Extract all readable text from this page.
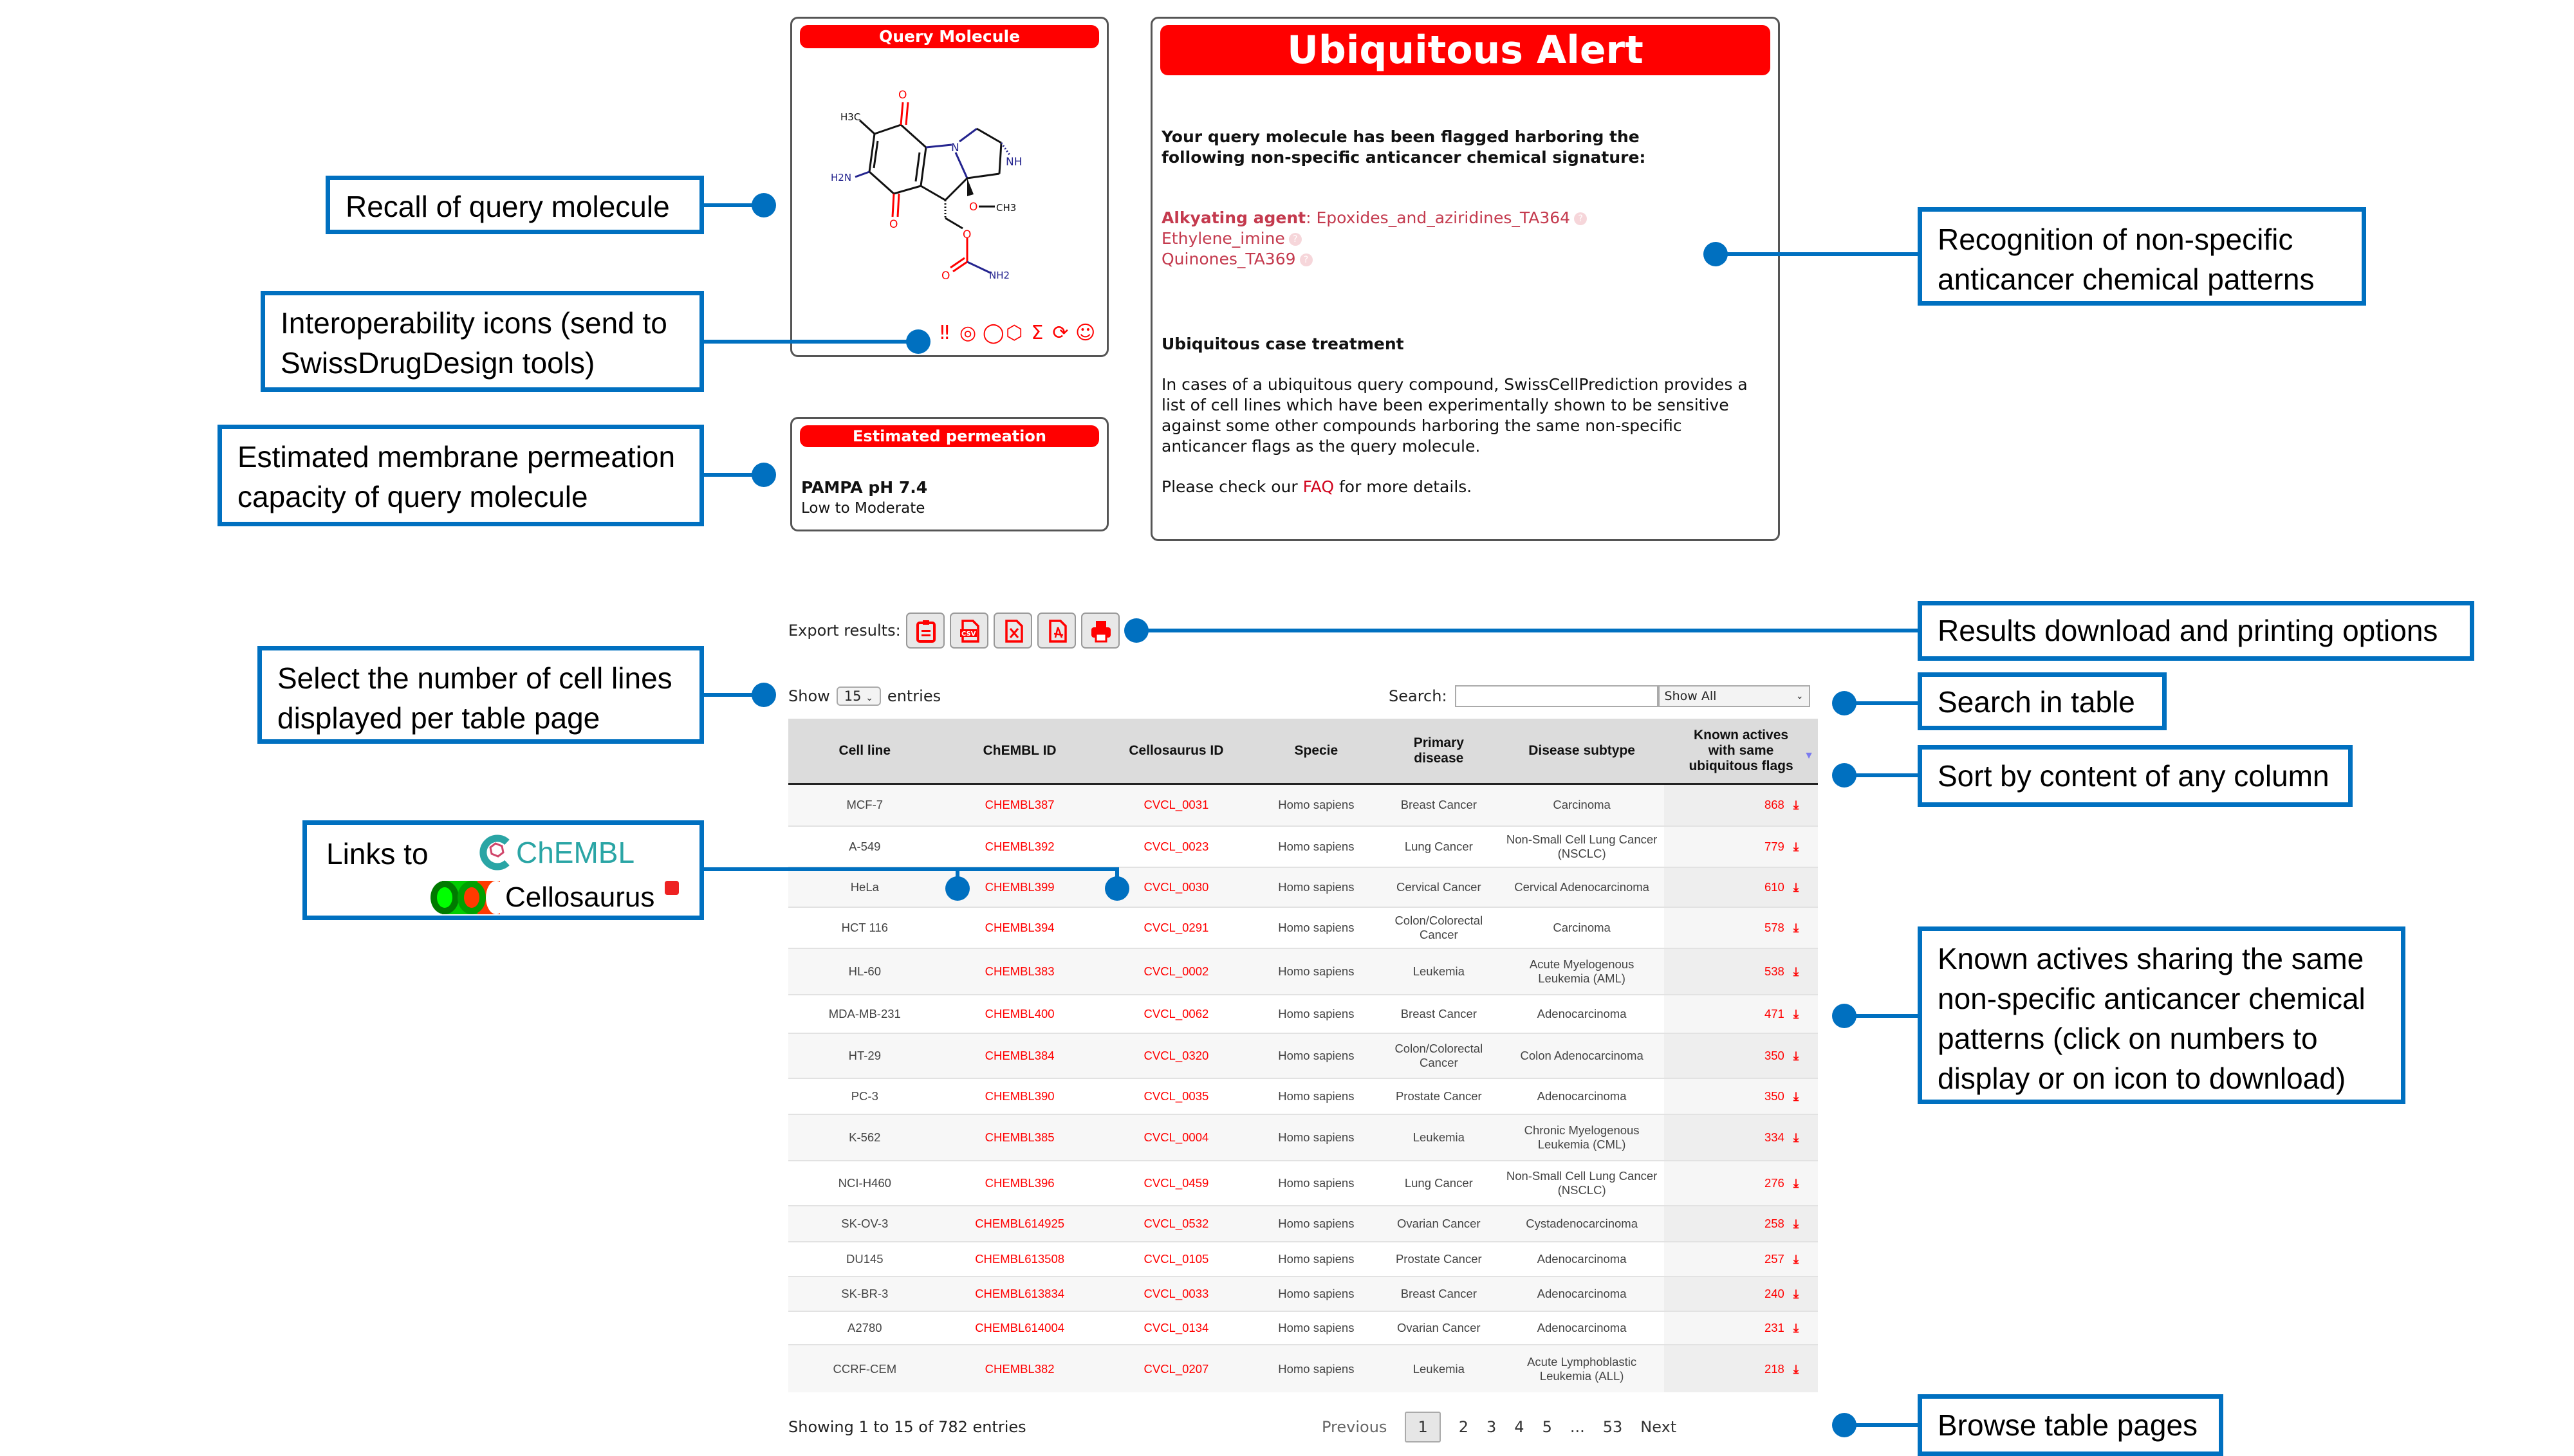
Query Molecule
O
H3C
N
NH
H2N
O
O CH3
O
O	NH2
‼ ◎ ◯ ⬡ Σ ⟳ ☺
Estimated permeation
PAMPA pH 7.4
Low to Moderate
Ubiquitous Alert
Your query molecule has been flagged harboring the following non-specific anticancer chemical signature:
Alkyating agent: Epoxides_and_aziridines_TA364 ?
Ethylene_imine ?
Quinones_TA369 ?
Ubiquitous case treatment
In cases of a ubiquitous query compound, SwissCellPrediction provides a list of cell lines which have been experimentally shown to be sensitive against some other compounds harboring the same non-specific anticancer flags as the query molecule.
Please check our FAQ for more details.
Export results:	CSV
Show	15 ⌄ entries	Search:	Show All	⌄
Cell line	ChEMBL ID	Cellosaurus ID	Specie	Primary disease	Disease subtype	Known actives with same ubiquitous flags
▼

MCF-7	CHEMBL387	CVCL_0031	Homo sapiens	Breast Cancer	Carcinoma	868 ⤓
A-549	CHEMBL392	CVCL_0023	Homo sapiens	Lung Cancer	Non-Small Cell Lung Cancer (NSCLC)	779 ⤓
HeLa	CHEMBL399	CVCL_0030	Homo sapiens	Cervical Cancer	Cervical Adenocarcinoma	610 ⤓
HCT 116	CHEMBL394	CVCL_0291	Homo sapiens	Colon/Colorectal Cancer	Carcinoma	578 ⤓
HL-60	CHEMBL383	CVCL_0002	Homo sapiens	Leukemia	Acute Myelogenous Leukemia (AML)	538 ⤓
MDA-MB-231	CHEMBL400	CVCL_0062	Homo sapiens	Breast Cancer	Adenocarcinoma	471 ⤓
HT-29	CHEMBL384	CVCL_0320	Homo sapiens	Colon/Colorectal Cancer	Colon Adenocarcinoma	350 ⤓
PC-3	CHEMBL390	CVCL_0035	Homo sapiens	Prostate Cancer	Adenocarcinoma	350 ⤓
K-562	CHEMBL385	CVCL_0004	Homo sapiens	Leukemia	Chronic Myelogenous Leukemia (CML)	334 ⤓
NCI-H460	CHEMBL396	CVCL_0459	Homo sapiens	Lung Cancer	Non-Small Cell Lung Cancer (NSCLC)	276 ⤓
SK-OV-3	CHEMBL614925	CVCL_0532	Homo sapiens	Ovarian Cancer	Cystadenocarcinoma	258 ⤓
DU145	CHEMBL613508	CVCL_0105	Homo sapiens	Prostate Cancer	Adenocarcinoma	257 ⤓
SK-BR-3	CHEMBL613834	CVCL_0033	Homo sapiens	Breast Cancer	Adenocarcinoma	240 ⤓
A2780	CHEMBL614004	CVCL_0134	Homo sapiens	Ovarian Cancer	Adenocarcinoma	231 ⤓
CCRF-CEM	CHEMBL382	CVCL_0207	Homo sapiens	Leukemia	Acute Lymphoblastic Leukemia (ALL)	218 ⤓
Showing 1 to 15 of 782 entries	Previous	1	2 3 4 5 ... 53 Next
Recall of query molecule
Interoperability icons (send to SwissDrugDesign tools)
Estimated membrane permeation capacity of query molecule
Select the number of cell lines displayed per table page
Links to	ChEMBL
Cellosaurus
Recognition of non-specific anticancer chemical patterns
Results download and printing options
Search in table
Sort by content of any column
Known actives sharing the same non-specific anticancer chemical patterns (click on numbers to display or on icon to download)
Browse table pages
